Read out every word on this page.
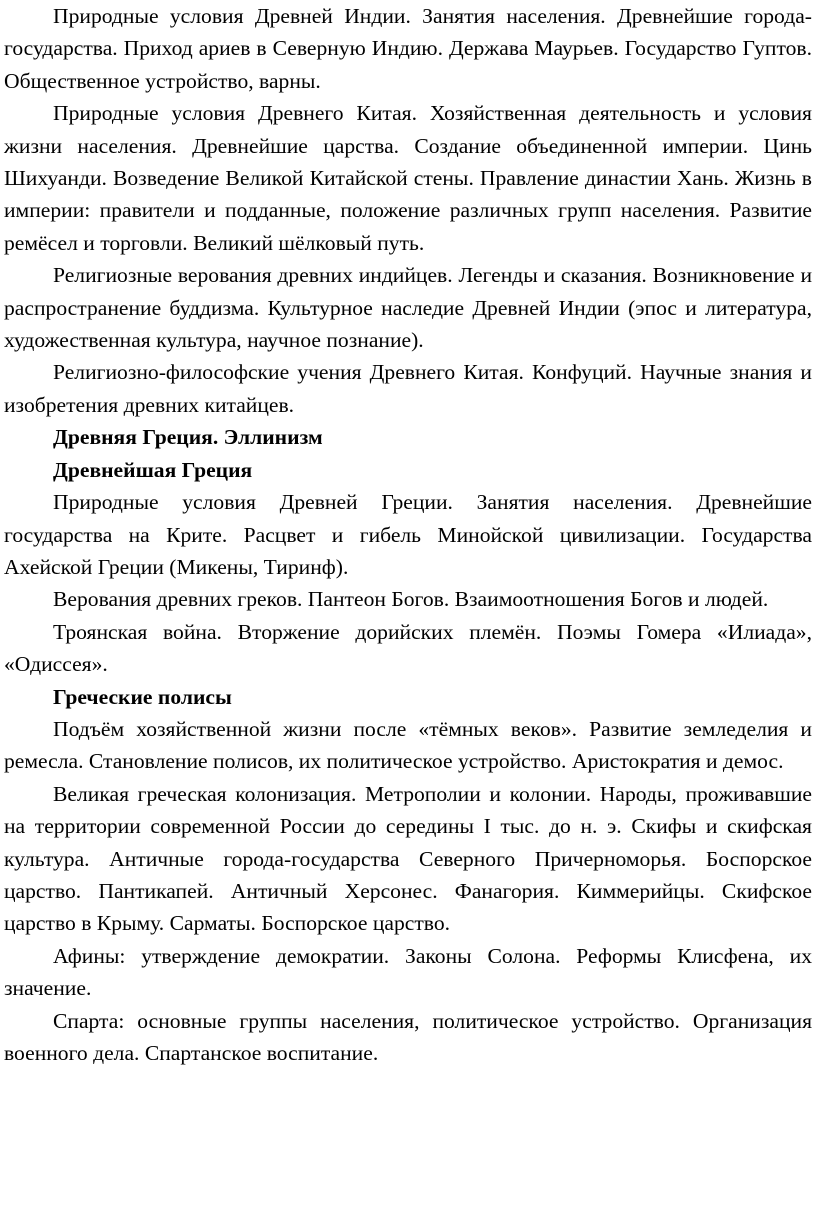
Природные условия Древней Индии. Занятия населения. Древнейшие города-государства. Приход ариев в Северную Индию. Держава Маурьев. Государство Гуптов. Общественное устройство, варны.

Природные условия Древнего Китая. Хозяйственная деятельность и условия жизни населения. Древнейшие царства. Создание объединенной империи. Цинь Шихуанди. Возведение Великой Китайской стены. Правление династии Хань. Жизнь в империи: правители и подданные, положение различных групп населения. Развитие ремёсел и торговли. Великий шёлковый путь.

Религиозные верования древних индийцев. Легенды и сказания. Возникновение и распространение буддизма. Культурное наследие Древней Индии (эпос и литература, художественная культура, научное познание).

Религиозно-философские учения Древнего Китая. Конфуций. Научные знания и изобретения древних китайцев.

Древняя Греция. Эллинизм

Древнейшая Греция

Природные условия Древней Греции. Занятия населения. Древнейшие государства на Крите. Расцвет и гибель Минойской цивилизации. Государства Ахейской Греции (Микены, Тиринф).

Верования древних греков. Пантеон Богов. Взаимоотношения Богов и людей.

Троянская война. Вторжение дорийских племён. Поэмы Гомера «Илиада», «Одиссея».

Греческие полисы

Подъём хозяйственной жизни после «тёмных веков». Развитие земледелия и ремесла. Становление полисов, их политическое устройство. Аристократия и демос.

Великая греческая колонизация. Метрополии и колонии. Народы, проживавшие на территории современной России до середины I тыс. до н. э. Скифы и скифская культура. Античные города-государства Северного Причерноморья. Боспорское царство. Пантикапей. Античный Херсонес. Фанагория. Киммерийцы. Скифское царство в Крыму. Сарматы. Боспорское царство.

Афины: утверждение демократии. Законы Солона. Реформы Клисфена, их значение.

Спарта: основные группы населения, политическое устройство. Организация военного дела. Спартанское воспитание.
